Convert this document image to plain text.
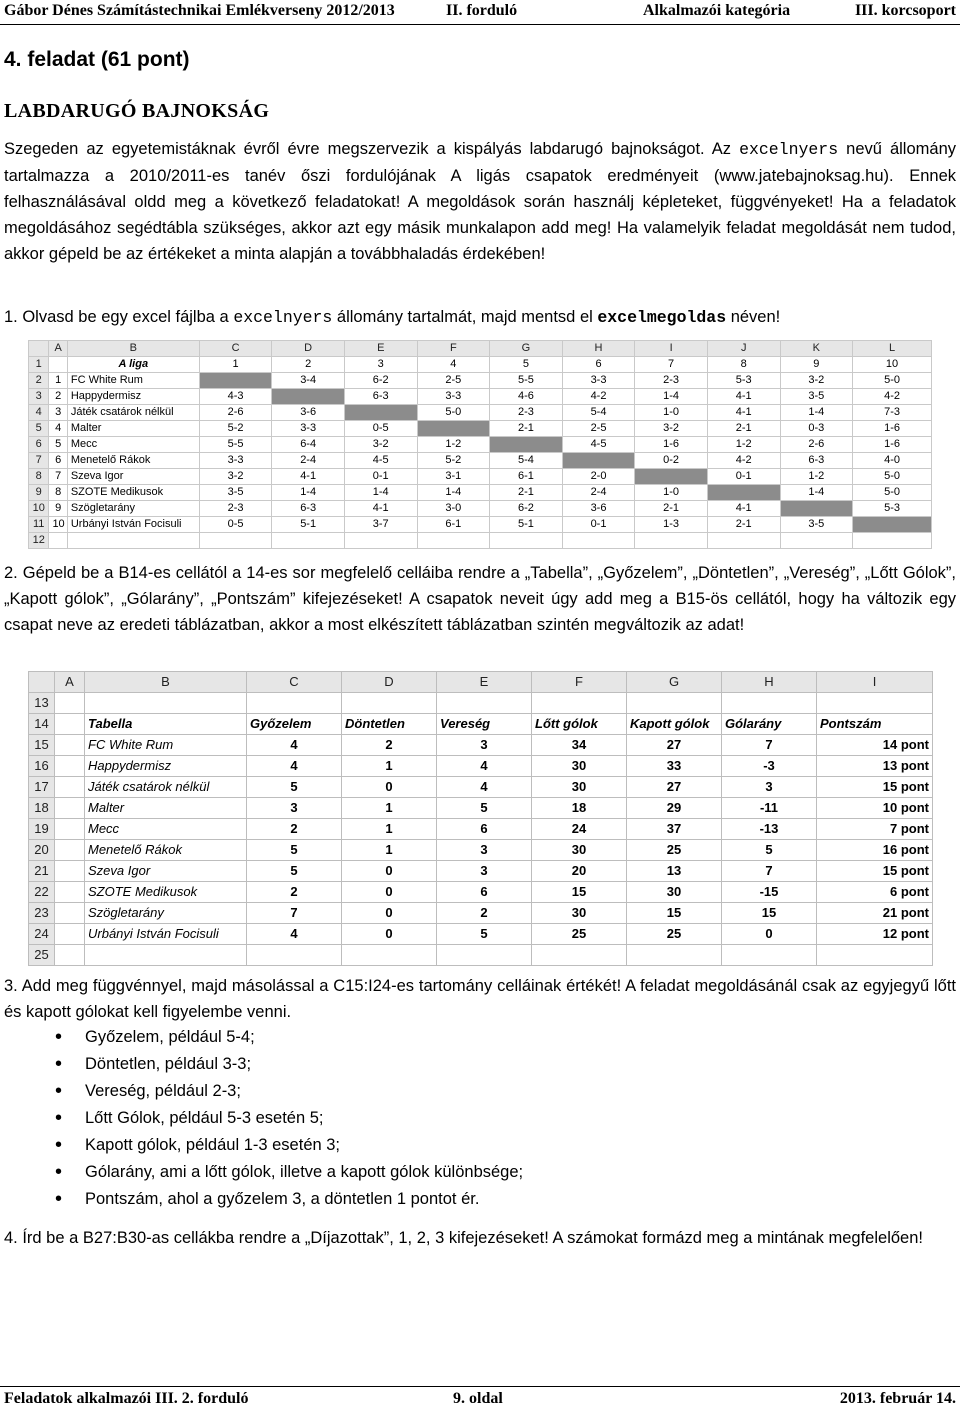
Gábor Dénes Számítástechnikai Emlékverseny 2012/2013	II. forduló	Alkalmazói kategória	III. korcsoport
4. feladat (61 pont)
LABDARUGÓ BAJNOKSÁG
Szegeden az egyetemistáknak évről évre megszervezik a kispályás labdarugó bajnokságot. Az excelnyers nevű állomány tartalmazza a 2010/2011-es tanév őszi fordulójának A ligás csapatok eredményeit (www.jatebajnoksag.hu). Ennek felhasználásával oldd meg a következő feladatokat! A megoldások során használj képleteket, függvényeket! Ha a feladatok megoldásához segédtábla szükséges, akkor azt egy másik munkalapon add meg! Ha valamelyik feladat megoldását nem tudod, akkor gépeld be az értékeket a minta alapján a továbbhaladás érdekében!
1. Olvasd be egy excel fájlba a excelnyers állomány tartalmát, majd mentsd el excelmegoldas néven!
	A	B	C	D	E	F	G	H	I	J	K	L
1		A liga	1	2	3	4	5	6	7	8	9	10
2	1	FC White Rum		3-4	6-2	2-5	5-5	3-3	2-3	5-3	3-2	5-0
3	2	Happydermisz	4-3		6-3	3-3	4-6	4-2	1-4	4-1	3-5	4-2
4	3	Játék csatárok nélkül	2-6	3-6		5-0	2-3	5-4	1-0	4-1	1-4	7-3
5	4	Malter	5-2	3-3	0-5		2-1	2-5	3-2	2-1	0-3	1-6
6	5	Mecc	5-5	6-4	3-2	1-2		4-5	1-6	1-2	2-6	1-6
7	6	Menetelő Rákok	3-3	2-4	4-5	5-2	5-4		0-2	4-2	6-3	4-0
8	7	Szeva Igor	3-2	4-1	0-1	3-1	6-1	2-0		0-1	1-2	5-0
9	8	SZOTE Medikusok	3-5	1-4	1-4	1-4	2-1	2-4	1-0		1-4	5-0
10	9	Szögletarány	2-3	6-3	4-1	3-0	6-2	3-6	2-1	4-1		5-3
11	10	Urbányi István Focisuli	0-5	5-1	3-7	6-1	5-1	0-1	1-3	2-1	3-5	
12												
2. Gépeld be a B14-es cellától a 14-es sor megfelelő celláiba rendre a „Tabella”, „Győzelem”, „Döntetlen”, „Vereség”, „Lőtt Gólok”, „Kapott gólok”, „Gólarány”, „Pontszám” kifejezéseket! A csapatok neveit úgy add meg a B15-ös cellától, hogy ha változik egy csapat neve az eredeti táblázatban, akkor a most elkészített táblázatban szintén megváltozik az adat!
	A	B	C	D	E	F	G	H	I
13									
14		Tabella	Győzelem	Döntetlen	Vereség	Lőtt gólok	Kapott gólok	Gólarány	Pontszám
15		FC White Rum	4	2	3	34	27	7	14 pont
16		Happydermisz	4	1	4	30	33	-3	13 pont
17		Játék csatárok nélkül	5	0	4	30	27	3	15 pont
18		Malter	3	1	5	18	29	-11	10 pont
19		Mecc	2	1	6	24	37	-13	7 pont
20		Menetelő Rákok	5	1	3	30	25	5	16 pont
21		Szeva Igor	5	0	3	20	13	7	15 pont
22		SZOTE Medikusok	2	0	6	15	30	-15	6 pont
23		Szögletarány	7	0	2	30	15	15	21 pont
24		Urbányi István Focisuli	4	0	5	25	25	0	12 pont
25									
3. Add meg függvénnyel, majd másolással a C15:I24-es tartomány celláinak értékét! A feladat megoldásánál csak az egyjegyű lőtt és kapott gólokat kell figyelembe venni.
• Győzelem, például 5-4;
• Döntetlen, például 3-3;
• Vereség, például 2-3;
• Lőtt Gólok, például 5-3 esetén 5;
• Kapott gólok, például 1-3 esetén 3;
• Gólarány, ami a lőtt gólok, illetve a kapott gólok különbsége;
• Pontszám, ahol a győzelem 3, a döntetlen 1 pontot ér.
4. Írd be a B27:B30-as cellákba rendre a „Díjazottak”, 1, 2, 3 kifejezéseket! A számokat formázd meg a mintának megfelelően!
Feladatok alkalmazói III. 2. forduló	9. oldal	2013. február 14.
